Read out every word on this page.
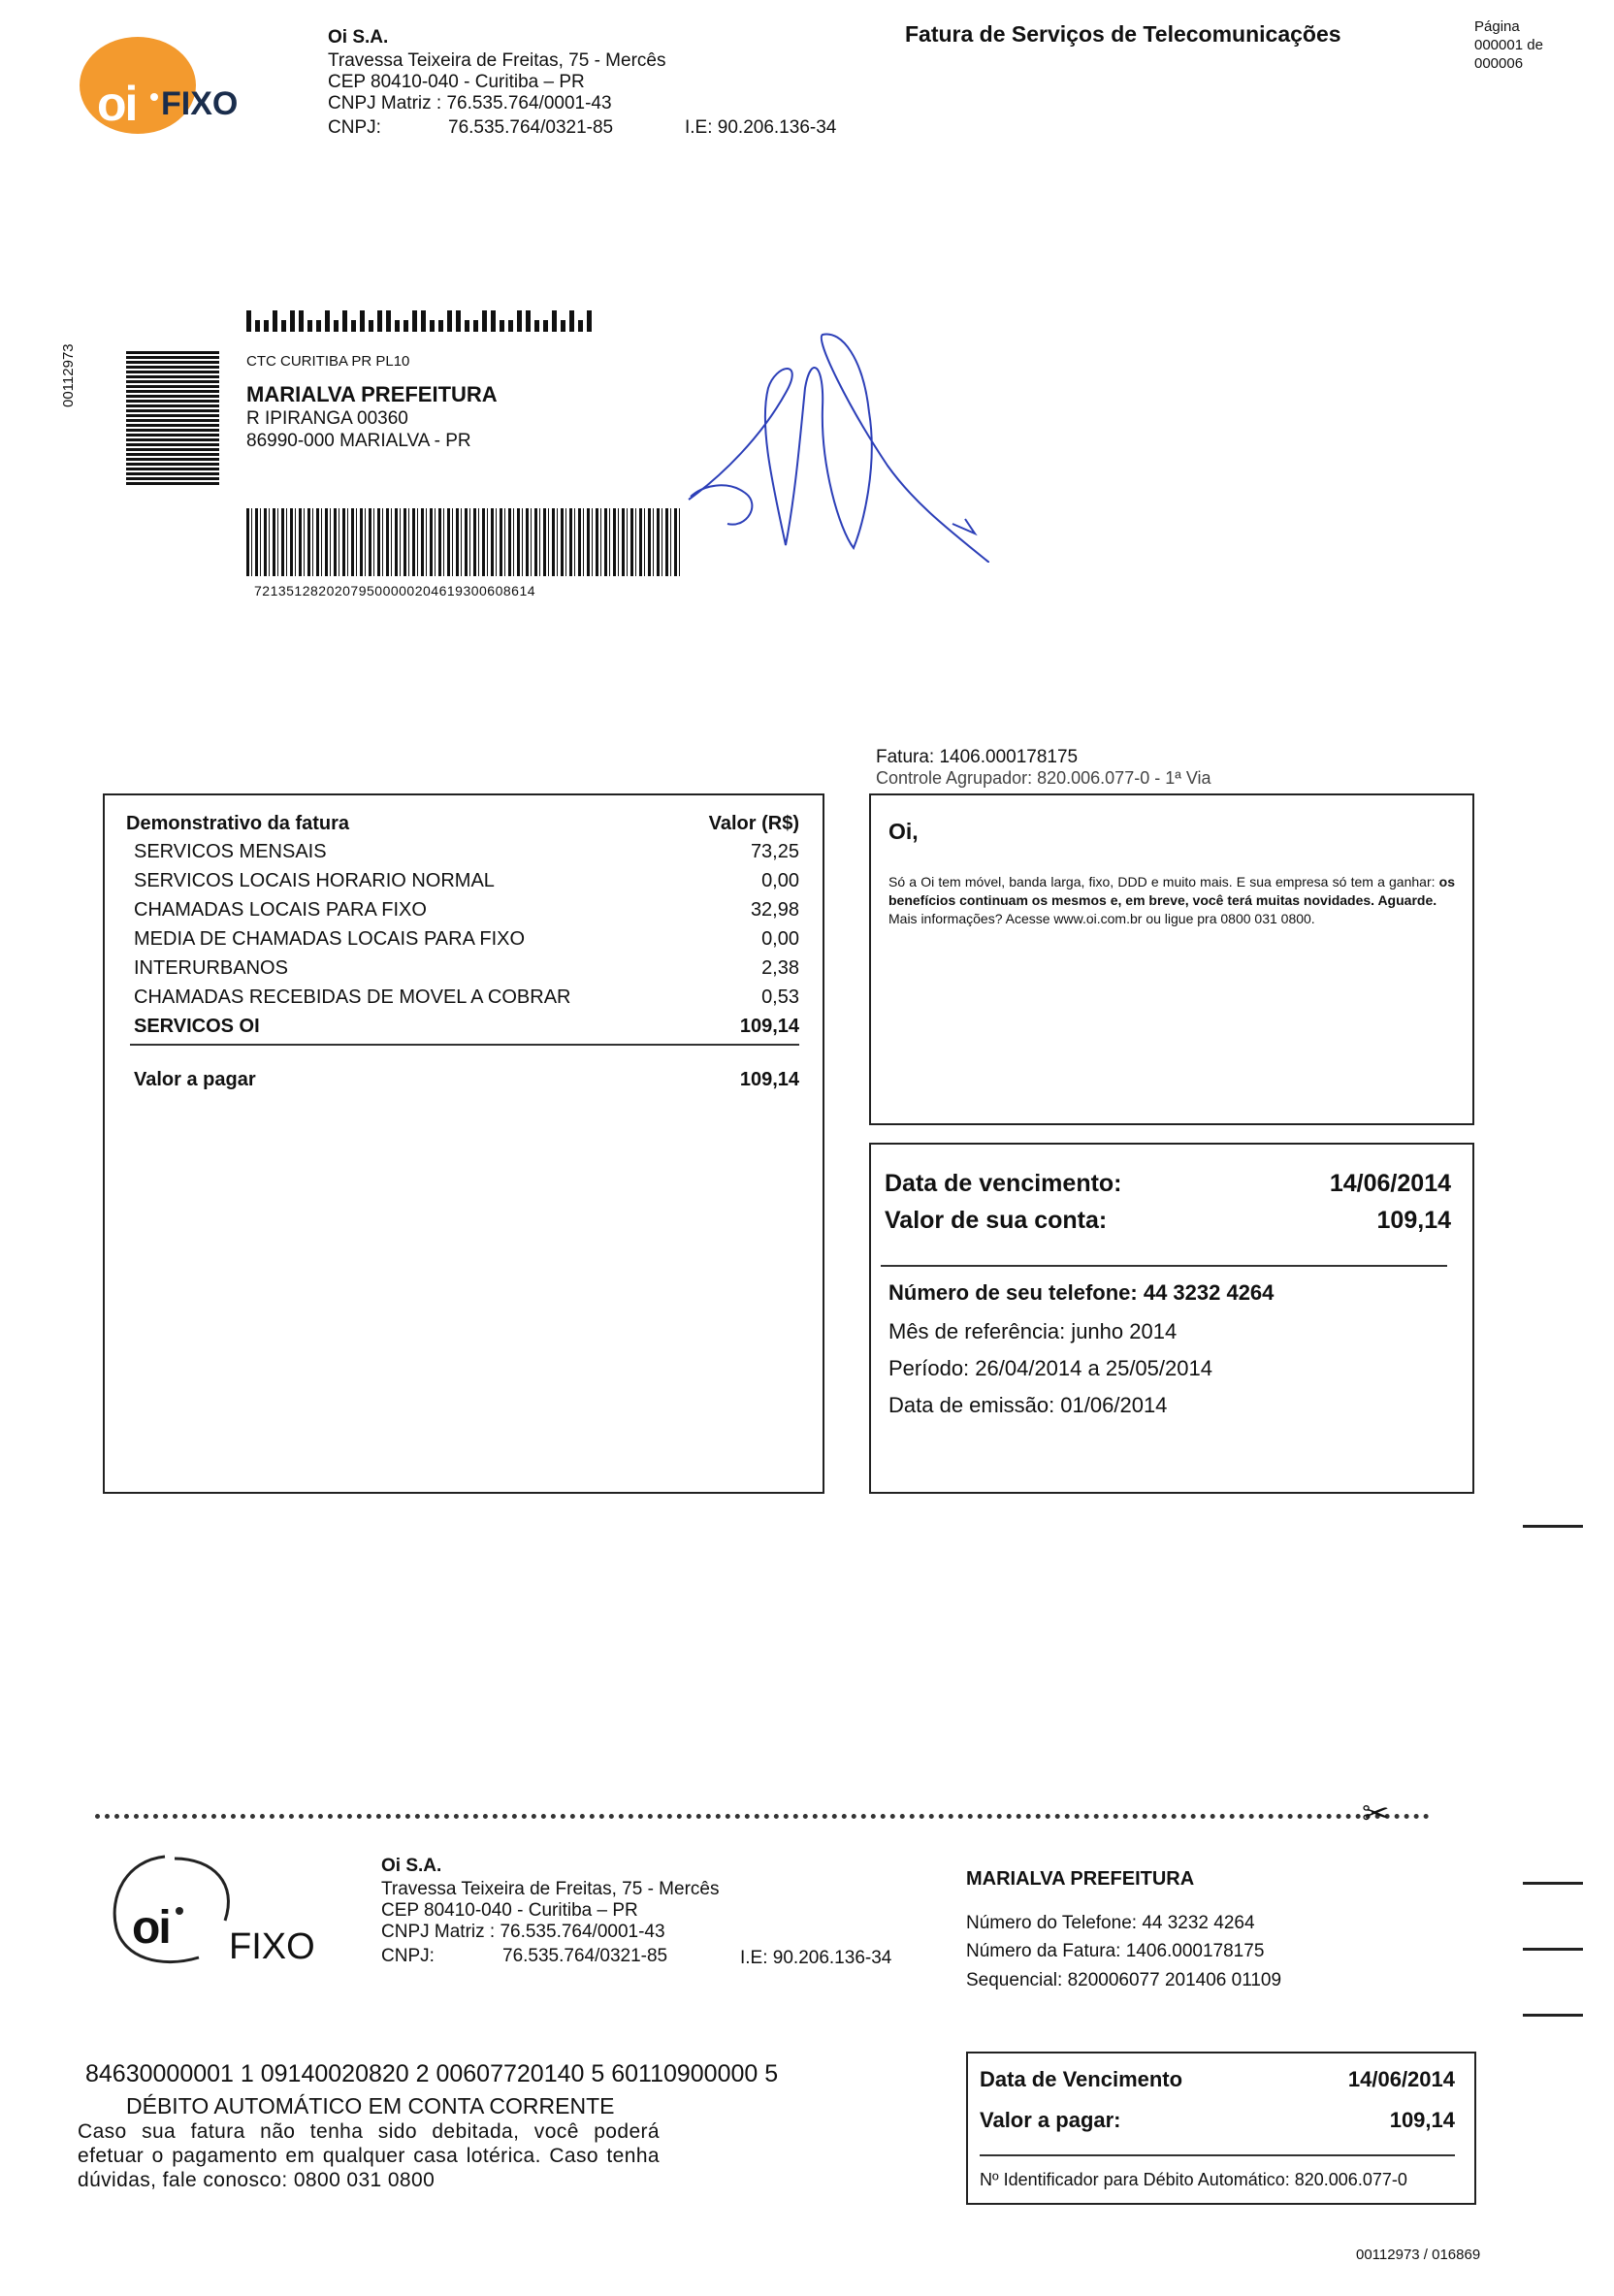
oi FIXO
Oi S.A.
Travessa Teixeira de Freitas, 75 - Mercês
CEP 80410-040 - Curitiba – PR
CNPJ Matriz : 76.535.764/0001-43
CNPJ:	76.535.764/0321-85	I.E: 90.206.136-34
Fatura de Serviços de Telecomunicações	Página
000001 de
000006
00112973	CTC CURITIBA PR PL10
MARIALVA PREFEITURA
R IPIRANGA 00360
86990-000 MARIALVA - PR
72135128202079500000204619300608614
Fatura: 1406.000178175
Controle Agrupador: 820.006.077-0 - 1ª Via
Demonstrativo da fatura	Valor (R$)
SERVICOS MENSAIS	73,25
SERVICOS LOCAIS HORARIO NORMAL	0,00
CHAMADAS LOCAIS PARA FIXO	32,98
MEDIA DE CHAMADAS LOCAIS PARA FIXO	0,00
INTERURBANOS	2,38
CHAMADAS RECEBIDAS DE MOVEL A COBRAR	0,53
SERVICOS OI	109,14
Valor a pagar	109,14
Oi,
Só a Oi tem móvel, banda larga, fixo, DDD e muito mais. E sua empresa só tem a ganhar: os benefícios continuam os mesmos e, em breve, você terá muitas novidades. Aguarde.
Mais informações? Acesse www.oi.com.br ou ligue pra 0800 031 0800.
Data de vencimento:	14/06/2014
Valor de sua conta:	109,14
Número de seu telefone: 44 3232 4264
Mês de referência: junho 2014
Período: 26/04/2014 a 25/05/2014
Data de emissão: 01/06/2014
✂
oi FIXO
Oi S.A.
Travessa Teixeira de Freitas, 75 - Mercês
CEP 80410-040 - Curitiba – PR
CNPJ Matriz : 76.535.764/0001-43
CNPJ:	76.535.764/0321-85	I.E: 90.206.136-34
MARIALVA PREFEITURA
Número do Telefone: 44 3232 4264
Número da Fatura: 1406.000178175
Sequencial: 820006077 201406 01109
84630000001 1 09140020820 2 00607720140 5 60110900000 5
DÉBITO AUTOMÁTICO EM CONTA CORRENTE
Caso sua fatura não tenha sido debitada, você poderá efetuar o pagamento em qualquer casa lotérica. Caso tenha dúvidas, fale conosco: 0800 031 0800
Data de Vencimento	14/06/2014
Valor a pagar:	109,14
Nº Identificador para Débito Automático: 820.006.077-0
00112973 / 016869
